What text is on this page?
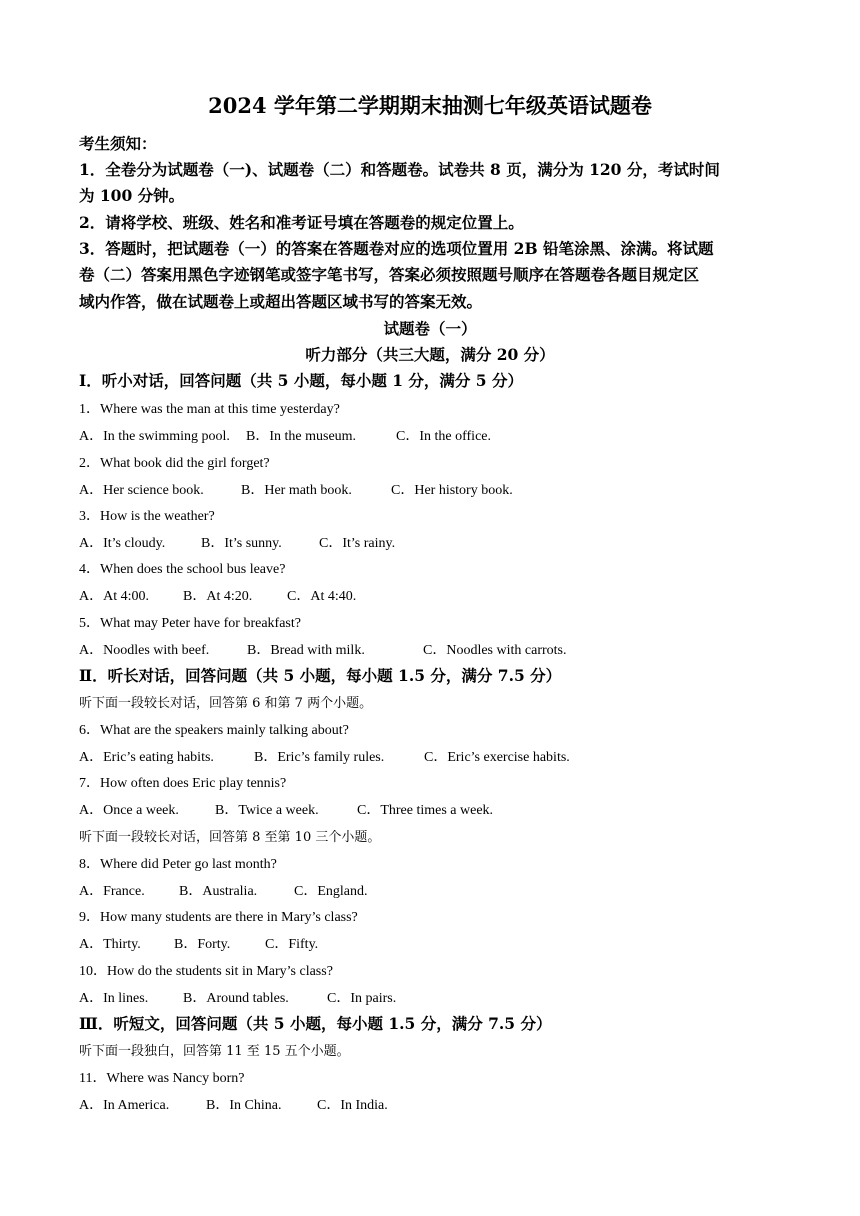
2024 学年第二学期期末抽测七年级英语试题卷
考生须知：
1．全卷分为试题卷（一)、试题卷（二）和答题卷。试卷共 8 页，满分为 120 分，考试时间
为 100 分钟。
2．请将学校、班级、姓名和准考证号填在答题卷的规定位置上。
3．答题时，把试题卷（一）的答案在答题卷对应的选项位置用 2B 铅笔涂黑、涂满。将试题
卷（二）答案用黑色字迹钢笔或签字笔书写，答案必须按照题号顺序在答题卷各题目规定区
域内作答，做在试题卷上或超出答题区域书写的答案无效。
试题卷（一）
听力部分（共三大题，满分 20 分）
Ⅰ．听小对话，回答问题（共 5 小题，每小题 1 分，满分 5 分）
1．Where was the man at this time yesterday?
A．In the swimming pool. B．In the museum.	C．In the office.
2．What book did the girl forget?
A．Her science book.	B．Her math book.	C．Her history book.
3．How is the weather?
A．It’s cloudy.	B．It’s sunny.	C．It’s rainy.
4．When does the school bus leave?
A．At 4:00. B．At 4:20. C．At 4:40.
5．What may Peter have for breakfast?
A．Noodles with beef.	B．Bread with milk.	C．Noodles with carrots.
Ⅱ．听长对话，回答问题（共 5 小题，每小题 1.5 分，满分 7.5 分）
听下面一段较长对话，回答第 6 和第 7 两个小题。
6．What are the speakers mainly talking about?
A．Eric’s eating habits.	B．Eric’s family rules.	C．Eric’s exercise habits.
7．How often does Eric play tennis?
A．Once a week.	B．Twice a week.	C．Three times a week.
听下面一段较长对话，回答第 8 至第 10 三个小题。
8．Where did Peter go last month?
A．France. B．Australia.	C．England.
9．How many students are there in Mary’s class?
A．Thirty. B．Forty. C．Fifty.
10．How do the students sit in Mary’s class?
A．In lines. B．Around tables.	C．In pairs.
Ⅲ．听短文，回答问题（共 5 小题，每小题 1.5 分，满分 7.5 分）
听下面一段独白，回答第 11 至 15 五个小题。
11．Where was Nancy born?
A．In America.	B．In China.	C．In India.
